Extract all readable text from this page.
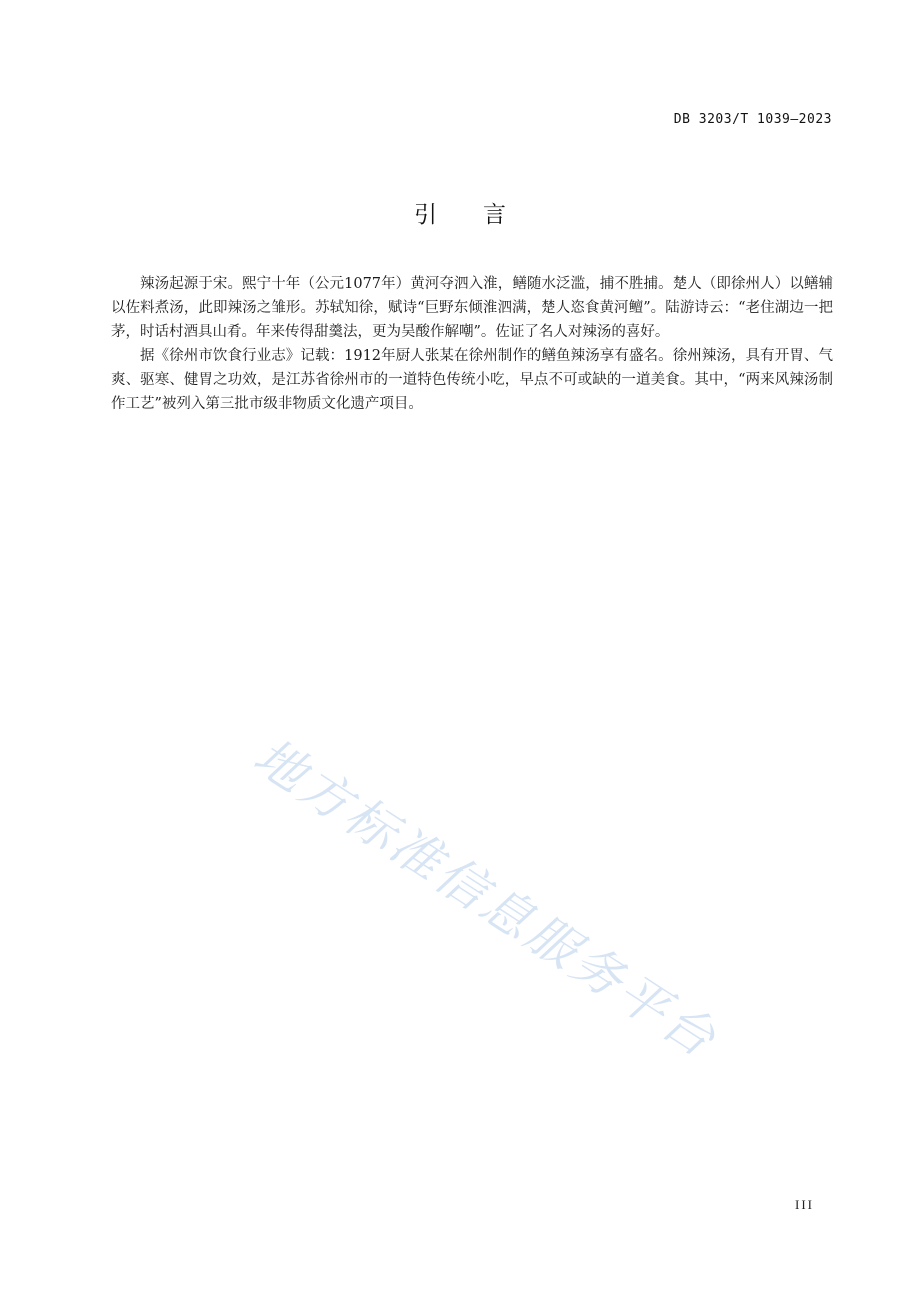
DB 3203/T 1039—2023
引言

辣汤起源于宋。熙宁十年（公元1077年）黄河夺泗入淮，鳝随水泛滥，捕不胜捕。楚人（即徐州人）以鳝辅以佐料煮汤，此即辣汤之雏形。苏轼知徐，赋诗“巨野东倾淮泗满，楚人恣食黄河鳣”。陆游诗云：“老住湖边一把茅，时话村酒具山肴。年来传得甜羹法，更为吴酸作解嘲”。佐证了名人对辣汤的喜好。

据《徐州市饮食行业志》记载：1912年厨人张某在徐州制作的鳝鱼辣汤享有盛名。徐州辣汤，具有开胃、气爽、驱寒、健胃之功效，是江苏省徐州市的一道特色传统小吃，早点不可或缺的一道美食。其中，“两来风辣汤制作工艺”被列入第三批市级非物质文化遗产项目。

地方标准信息服务平台
III
